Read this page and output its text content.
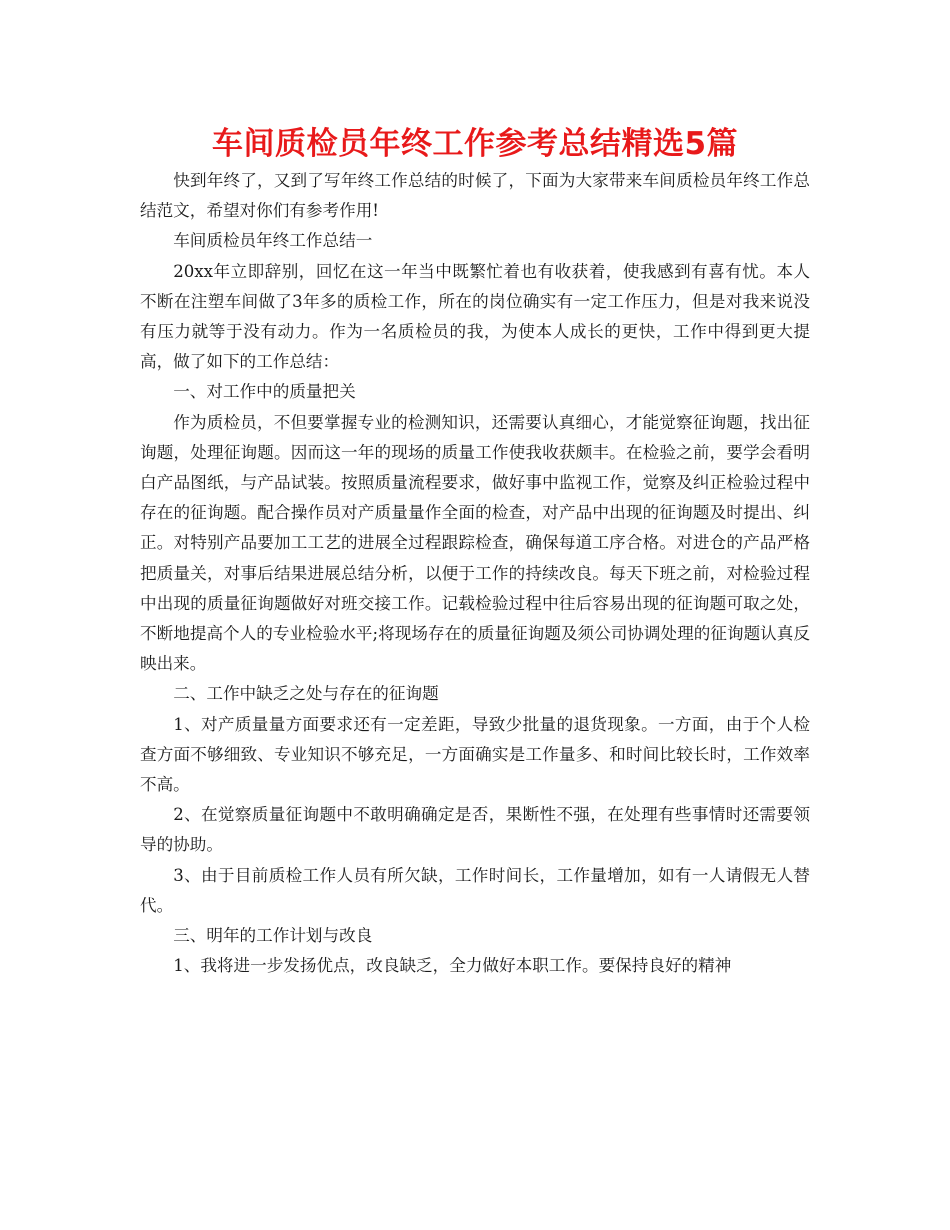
车间质检员年终工作参考总结精选5篇

快到年终了，又到了写年终工作总结的时候了，下面为大家带来车间质检员年终工作总结范文，希望对你们有参考作用!

车间质检员年终工作总结一

20xx年立即辞别，回忆在这一年当中既繁忙着也有收获着，使我感到有喜有忧。本人不断在注塑车间做了3年多的质检工作，所在的岗位确实有一定工作压力，但是对我来说没有压力就等于没有动力。作为一名质检员的我，为使本人成长的更快，工作中得到更大提高，做了如下的工作总结：

一、对工作中的质量把关

作为质检员，不但要掌握专业的检测知识，还需要认真细心，才能觉察征询题，找出征询题，处理征询题。因而这一年的现场的质量工作使我收获颇丰。在检验之前，要学会看明白产品图纸，与产品试装。按照质量流程要求，做好事中监视工作，觉察及纠正检验过程中存在的征询题。配合操作员对产质量量作全面的检查，对产品中出现的征询题及时提出、纠正。对特别产品要加工工艺的进展全过程跟踪检查，确保每道工序合格。对进仓的产品严格把质量关，对事后结果进展总结分析，以便于工作的持续改良。每天下班之前，对检验过程中出现的质量征询题做好对班交接工作。记载检验过程中往后容易出现的征询题可取之处，不断地提高个人的专业检验水平;将现场存在的质量征询题及须公司协调处理的征询题认真反映出来。

二、工作中缺乏之处与存在的征询题

1、对产质量量方面要求还有一定差距，导致少批量的退货现象。一方面，由于个人检查方面不够细致、专业知识不够充足，一方面确实是工作量多、和时间比较长时，工作效率不高。

2、在觉察质量征询题中不敢明确确定是否，果断性不强，在处理有些事情时还需要领导的协助。

3、由于目前质检工作人员有所欠缺，工作时间长，工作量增加，如有一人请假无人替代。

三、明年的工作计划与改良

1、我将进一步发扬优点，改良缺乏，全力做好本职工作。要保持良好的精神
